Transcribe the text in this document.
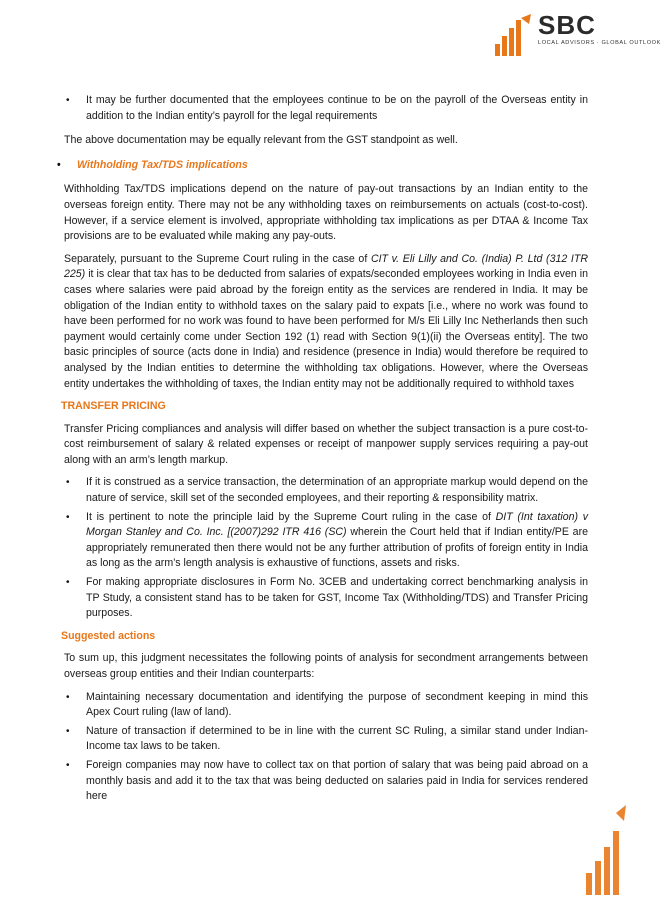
SBC
LOCAL ADVISORS · GLOBAL OUTLOOK
• It may be further documented that the employees continue to be on the payroll of the Overseas entity in addition to the Indian entity’s payroll for the legal requirements

The above documentation may be equally relevant from the GST standpoint as well.

• Withholding Tax/TDS implications

Withholding Tax/TDS implications depend on the nature of pay-out transactions by an Indian entity to the overseas foreign entity. There may not be any withholding taxes on reimbursements on actuals (cost-to-cost). However, if a service element is involved, appropriate withholding tax implications as per DTAA & Income Tax provisions are to be evaluated while making any pay-outs.

Separately, pursuant to the Supreme Court ruling in the case of CIT v. Eli Lilly and Co. (India) P. Ltd (312 ITR 225) it is clear that tax has to be deducted from salaries of expats/seconded employees working in India even in cases where salaries were paid abroad by the foreign entity as the services are rendered in India. It may be obligation of the Indian entity to withhold taxes on the salary paid to expats [i.e., where no work was found to have been performed for no work was found to have been performed for M/s Eli Lilly Inc Netherlands then such payment would certainly come under Section 192 (1) read with Section 9(1)(ii) the Overseas entity]. The two basic principles of source (acts done in India) and residence (presence in India) would therefore be required to analysed by the Indian entities to determine the withholding tax obligations. However, where the Overseas entity undertakes the withholding of taxes, the Indian entity may not be additionally required to withhold taxes

TRANSFER PRICING

Transfer Pricing compliances and analysis will differ based on whether the subject transaction is a pure cost-to-cost reimbursement of salary & related expenses or receipt of manpower supply services requiring a pay-out along with an arm’s length markup.

• If it is construed as a service transaction, the determination of an appropriate markup would depend on the nature of service, skill set of the seconded employees, and their reporting & responsibility matrix.
• It is pertinent to note the principle laid by the Supreme Court ruling in the case of DIT (Int taxation) v Morgan Stanley and Co. Inc. [(2007)292 ITR 416 (SC) wherein the Court held that if Indian entity/PE are appropriately remunerated then there would not be any further attribution of profits of foreign entity in India as long as the arm’s length analysis is exhaustive of functions, assets and risks.
• For making appropriate disclosures in Form No. 3CEB and undertaking correct benchmarking analysis in TP Study, a consistent stand has to be taken for GST, Income Tax (Withholding/TDS) and Transfer Pricing purposes.
Suggested actions

To sum up, this judgment necessitates the following points of analysis for secondment arrangements between overseas group entities and their Indian counterparts:

• Maintaining necessary documentation and identifying the purpose of secondment keeping in mind this Apex Court ruling (law of land).
• Nature of transaction if determined to be in line with the current SC Ruling, a similar stand under Indian-Income tax laws to be taken.
• Foreign companies may now have to collect tax on that portion of salary that was being paid abroad on a monthly basis and add it to the tax that was being deducted on salaries paid in India for services rendered here
